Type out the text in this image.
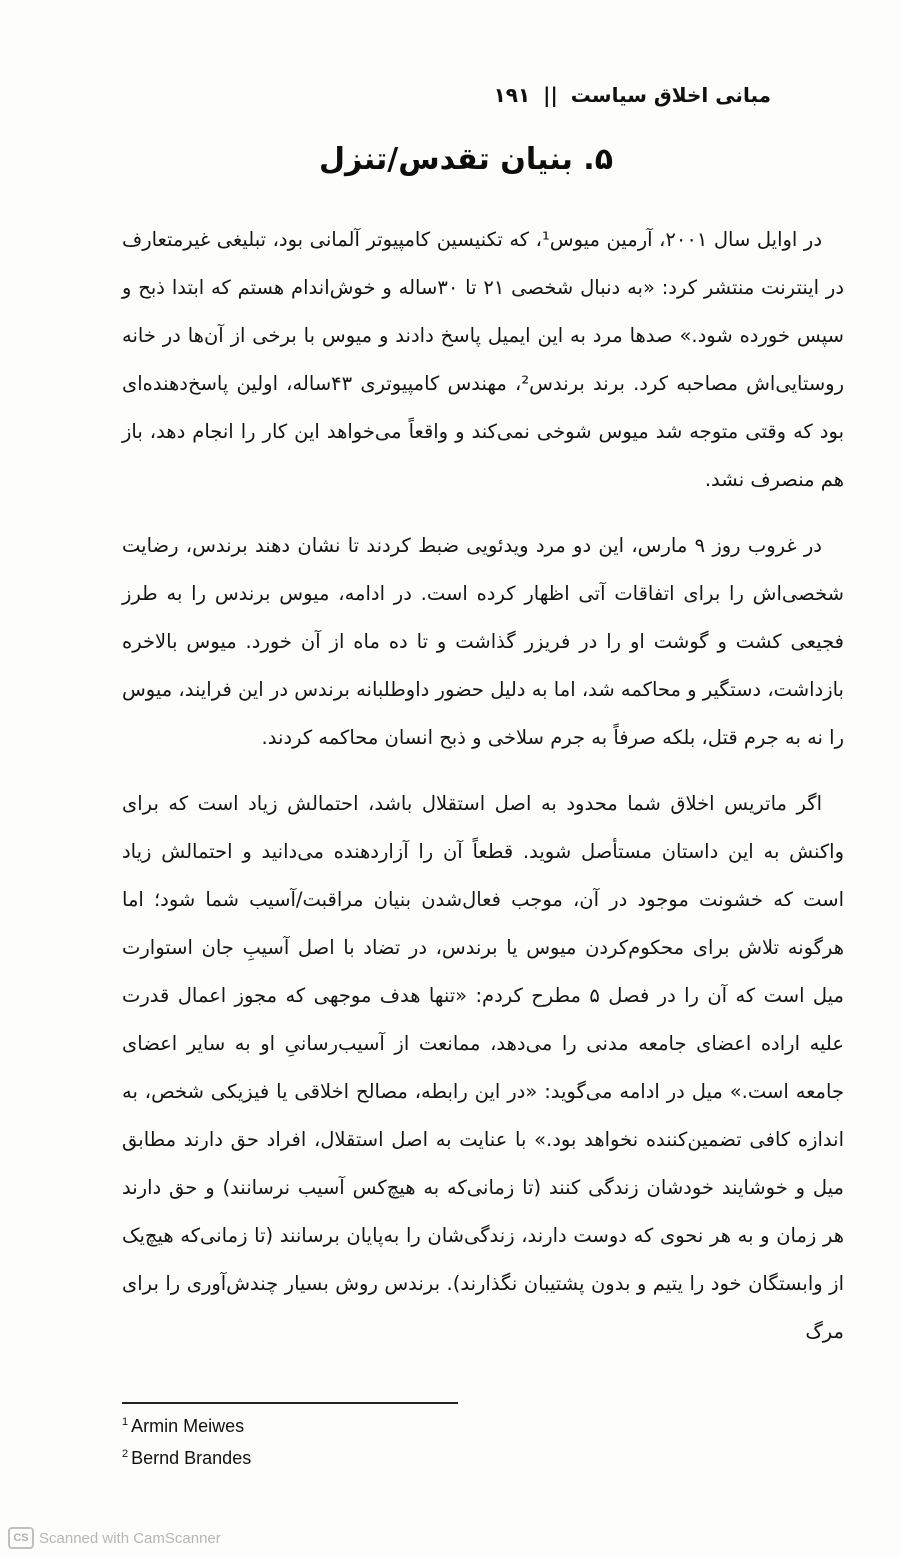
مبانی اخلاق سیاست || ۱۹۱
۵. بنیان تقدس/تنزل

در اوایل سال ۲۰۰۱، آرمین میوس¹، که تکنیسین کامپیوتر آلمانی بود، تبلیغی غیرمتعارف در اینترنت منتشر کرد: «به دنبال شخصی ۲۱ تا ۳۰ساله و خوش‌اندام هستم که ابتدا ذبح و سپس خورده شود.» صدها مرد به این ایمیل پاسخ دادند و میوس با برخی از آن‌ها در خانه روستایی‌اش مصاحبه کرد. برند برندس²، مهندس کامپیوتری ۴۳ساله، اولین پاسخ‌دهنده‌ای بود که وقتی متوجه شد میوس شوخی نمی‌کند و واقعاً می‌خواهد این کار را انجام دهد، باز هم منصرف نشد.

در غروب روز ۹ مارس، این دو مرد ویدئویی ضبط کردند تا نشان دهند برندس، رضایت شخصی‌اش را برای اتفاقات آتی اظهار کرده است. در ادامه، میوس برندس را به طرز فجیعی کشت و گوشت او را در فریزر گذاشت و تا ده ماه از آن خورد. میوس بالاخره بازداشت، دستگیر و محاکمه شد، اما به دلیل حضور داوطلبانه برندس در این فرایند، میوس را نه به جرم قتل، بلکه صرفاً به جرم سلاخی و ذبح انسان محاکمه کردند.

اگر ماتریس اخلاق شما محدود به اصل استقلال باشد، احتمالش زیاد است که برای واکنش به این داستان مستأصل شوید. قطعاً آن را آزاردهنده می‌دانید و احتمالش زیاد است که خشونت موجود در آن، موجب فعال‌شدن بنیان مراقبت/آسیب شما شود؛ اما هرگونه تلاش برای محکوم‌کردن میوس یا برندس، در تضاد با اصل آسیبِ جان استوارت میل است که آن را در فصل ۵ مطرح کردم: «تنها هدف موجهی که مجوز اعمال قدرت علیه اراده اعضای جامعه مدنی را می‌دهد، ممانعت از آسیب‌رسانیِ او به سایر اعضای جامعه است.» میل در ادامه می‌گوید: «در این رابطه، مصالح اخلاقی یا فیزیکی شخص، به اندازه کافی تضمین‌کننده نخواهد بود.» با عنایت به اصل استقلال، افراد حق دارند مطابق میل و خوشایند خودشان زندگی کنند (تا زمانی‌که به هیچ‌کس آسیب نرسانند) و حق دارند هر زمان و به هر نحوی که دوست دارند، زندگی‌شان را به‌پایان برسانند (تا زمانی‌که هیچ‌یک از وابستگان خود را یتیم و بدون پشتیبان نگذارند). برندس روش بسیار چندش‌آوری را برای مرگ

$^1$ Armin Meiwes
$^2$ Bernd Brandes
CS Scanned with CamScanner
